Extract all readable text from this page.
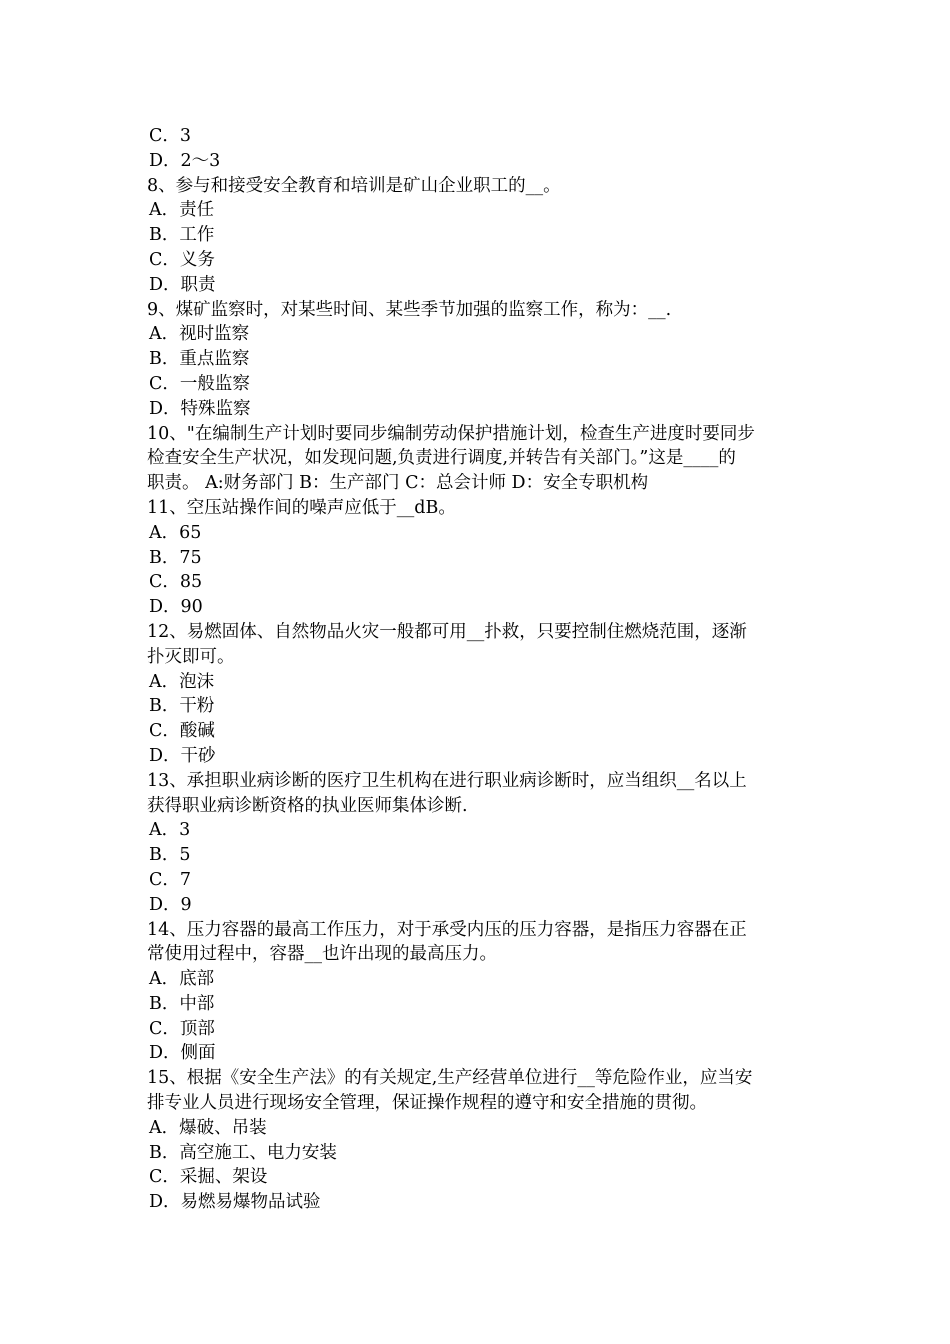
C．3
D．2～3
8、参与和接受安全教育和培训是矿山企业职工的__。
A．责任
B．工作
C．义务
D．职责
9、煤矿监察时，对某些时间、某些季节加强的监察工作，称为：__.
A．视时监察
B．重点监察
C．一般监察
D．特殊监察
10、"在编制生产计划时要同步编制劳动保护措施计划，检查生产进度时要同步
检查安全生产状况，如发现问题,负责进行调度,并转告有关部门。”这是____的
职责。 A:财务部门 B：生产部门 C：总会计师 D：安全专职机构
11、空压站操作间的噪声应低于__dB。
A．65
B．75
C．85
D．90
12、易燃固体、自然物品火灾一般都可用__扑救，只要控制住燃烧范围，逐渐
扑灭即可。
A．泡沫
B．干粉
C．酸碱
D．干砂
13、承担职业病诊断的医疗卫生机构在进行职业病诊断时，应当组织__名以上
获得职业病诊断资格的执业医师集体诊断.
A．3
B．5
C．7
D．9
14、压力容器的最高工作压力，对于承受内压的压力容器，是指压力容器在正
常使用过程中，容器__也许出现的最高压力。
A．底部
B．中部
C．顶部
D．侧面
15、根据《安全生产法》的有关规定,生产经营单位进行__等危险作业，应当安
排专业人员进行现场安全管理，保证操作规程的遵守和安全措施的贯彻。
A．爆破、吊装
B．高空施工、电力安装
C．采掘、架设
D．易燃易爆物品试验
